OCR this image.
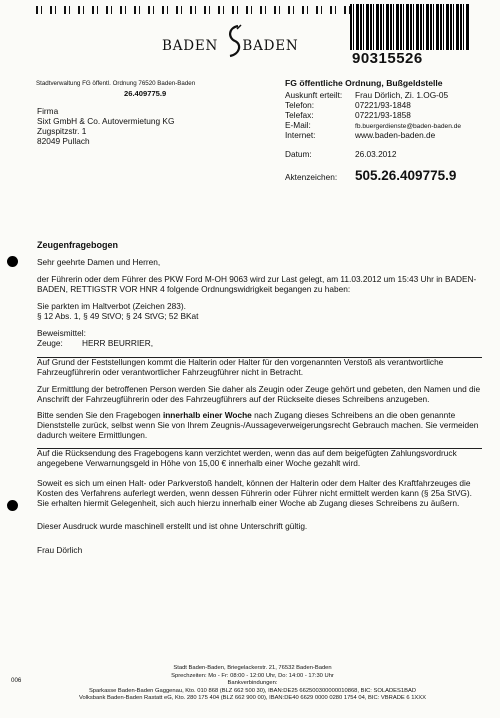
90315526
BADEN BADEN
Stadtverwaltung FG öffentl. Ordnung 76520 Baden-Baden
26.409775.9
Firma
Sixt GmbH & Co. Autovermietung KG
Zugspitzstr. 1
82049 Pullach
FG öffentliche Ordnung, Bußgeldstelle
Auskunft erteilt: Frau Dörlich, Zi. 1.OG-05
Telefon:	07221/93-1848
Telefax:	07221/93-1858
E-Mail:	fb.buergerdienste@baden-baden.de
Internet:	www.baden-baden.de
Datum:	26.03.2012
Aktenzeichen: 505.26.409775.9
Zeugenfragebogen

Sehr geehrte Damen und Herren,

der Führerin oder dem Führer des PKW Ford M-OH 9063 wird zur Last gelegt, am 11.03.2012 um 15:43 Uhr in BADEN-BADEN, RETTIGSTR VOR HNR 4 folgende Ordnungswidrigkeit begangen zu haben:

Sie parkten im Haltverbot (Zeichen 283).

§ 12 Abs. 1, § 49 StVO; § 24 StVG; 52 BKat

Beweismittel:

Zeuge: HERR BEURRIER,

Auf Grund der Feststellungen kommt die Halterin oder Halter für den vorgenannten Verstoß als verantwortliche Fahrzeugführerin oder verantwortlicher Fahrzeugführer nicht in Betracht.

Zur Ermittlung der betroffenen Person werden Sie daher als Zeugin oder Zeuge gehört und gebeten, den Namen und die Anschrift der Fahrzeugführerin oder des Fahrzeugführers auf der Rückseite dieses Schreibens anzugeben.

Bitte senden Sie den Fragebogen innerhalb einer Woche nach Zugang dieses Schreibens an die oben genannte Dienststelle zurück, selbst wenn Sie von Ihrem Zeugnis-/Aussageverweigerungsrecht Gebrauch machen. Sie vermeiden dadurch weitere Ermittlungen.

Auf die Rücksendung des Fragebogens kann verzichtet werden, wenn das auf dem beigefügten Zahlungsvordruck angegebene Verwarnungsgeld in Höhe von 15,00 € innerhalb einer Woche gezahlt wird.

Soweit es sich um einen Halt- oder Parkverstoß handelt, können der Halterin oder dem Halter des Kraftfahrzeuges die Kosten des Verfahrens auferlegt werden, wenn dessen Führerin oder Führer nicht ermittelt werden kann (§ 25a StVG). Sie erhalten hiermit Gelegenheit, sich auch hierzu innerhalb einer Woche ab Zugang dieses Schreibens zu äußern.

Dieser Ausdruck wurde maschinell erstellt und ist ohne Unterschrift gültig.

Frau Dörlich

006
Stadt Baden-Baden, Briegelackerstr. 21, 76532 Baden-Baden
Sprechzeiten: Mo - Fr: 08:00 - 12:00 Uhr, Do: 14:00 - 17:30 Uhr
Bankverbindungen:
Sparkasse Baden-Baden Gaggenau, Kto. 010 868 (BLZ 662 500 30), IBAN:DE25 662500300000010868, BIC: SOLADES1BAD
Volksbank Baden-Baden Rastatt eG, Kto. 280 175 404 (BLZ 662 900 00), IBAN:DE40 6629 0000 0280 1754 04, BIC: VBRADE 6 1XXX
